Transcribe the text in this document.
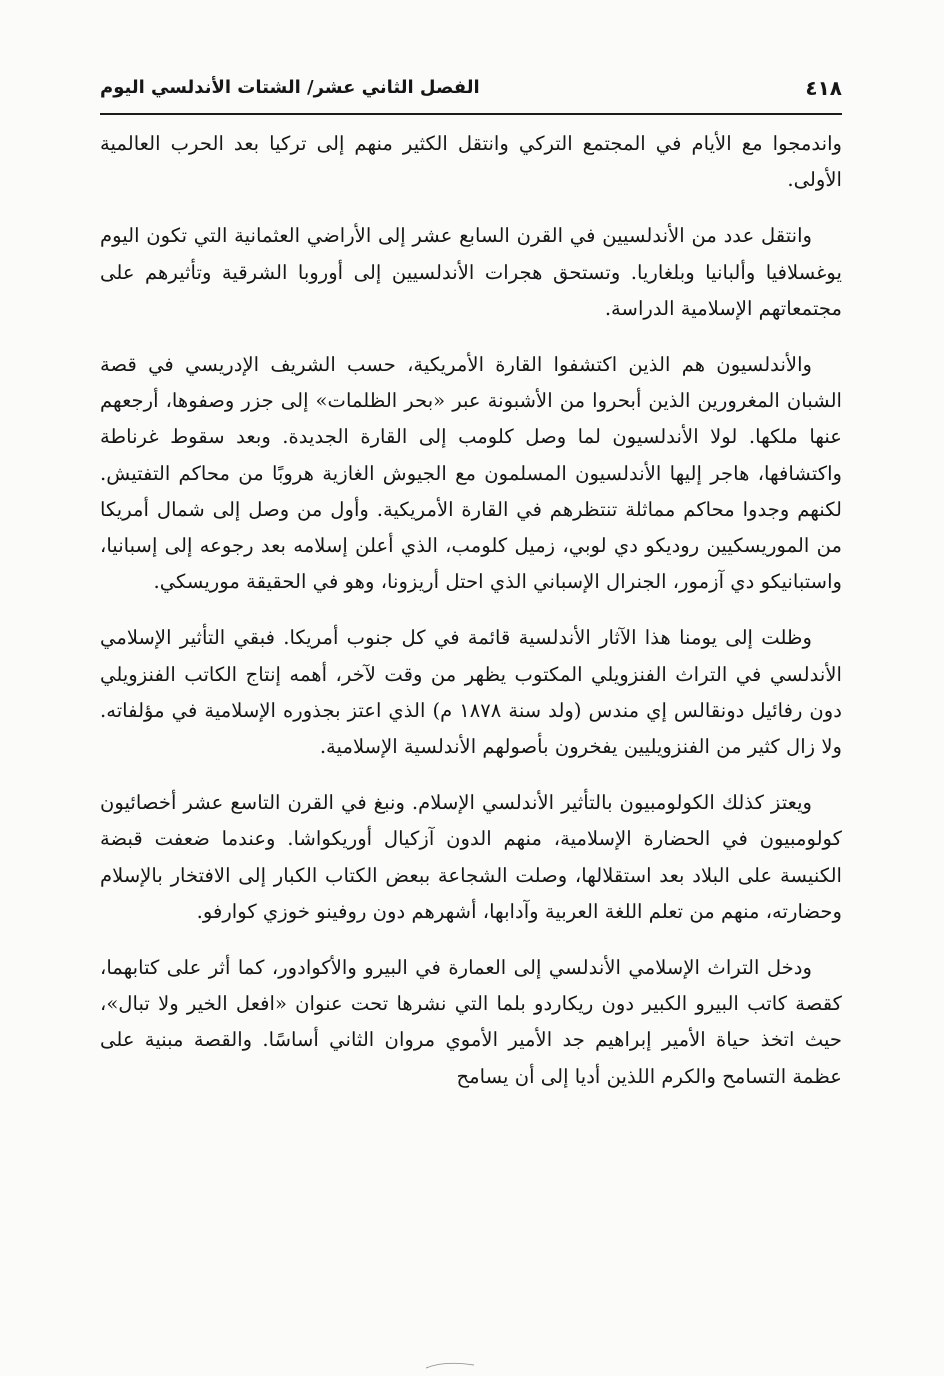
٤١٨
الفصل الثاني عشر/ الشتات الأندلسي اليوم

واندمجوا مع الأيام في المجتمع التركي وانتقل الكثير منهم إلى تركيا بعد الحرب العالمية الأولى.

وانتقل عدد من الأندلسيين في القرن السابع عشر إلى الأراضي العثمانية التي تكون اليوم يوغسلافيا وألبانيا وبلغاريا. وتستحق هجرات الأندلسيين إلى أوروبا الشرقية وتأثيرهم على مجتمعاتهم الإسلامية الدراسة.

والأندلسيون هم الذين اكتشفوا القارة الأمريكية، حسب الشريف الإدريسي في قصة الشبان المغرورين الذين أبحروا من الأشبونة عبر «بحر الظلمات» إلى جزر وصفوها، أرجعهم عنها ملكها. لولا الأندلسيون لما وصل كلومب إلى القارة الجديدة. وبعد سقوط غرناطة واكتشافها، هاجر إليها الأندلسيون المسلمون مع الجيوش الغازية هروبًا من محاكم التفتيش. لكنهم وجدوا محاكم مماثلة تنتظرهم في القارة الأمريكية. وأول من وصل إلى شمال أمريكا من الموريسكيين روديكو دي لوبي، زميل كلومب، الذي أعلن إسلامه بعد رجوعه إلى إسبانيا، واستبانيكو دي آزمور، الجنرال الإسباني الذي احتل أريزونا، وهو في الحقيقة موريسكي.

وظلت إلى يومنا هذا الآثار الأندلسية قائمة في كل جنوب أمريكا. فبقي التأثير الإسلامي الأندلسي في التراث الفنزويلي المكتوب يظهر من وقت لآخر، أهمه إنتاج الكاتب الفنزويلي دون رفائيل دونقالس إي مندس (ولد سنة ١٨٧٨ م) الذي اعتز بجذوره الإسلامية في مؤلفاته. ولا زال كثير من الفنزويليين يفخرون بأصولهم الأندلسية الإسلامية.

ويعتز كذلك الكولومبيون بالتأثير الأندلسي الإسلام. ونبغ في القرن التاسع عشر أخصائيون كولومبيون في الحضارة الإسلامية، منهم الدون آزكيال أوريكواشا. وعندما ضعفت قبضة الكنيسة على البلاد بعد استقلالها، وصلت الشجاعة ببعض الكتاب الكبار إلى الافتخار بالإسلام وحضارته، منهم من تعلم اللغة العربية وآدابها، أشهرهم دون روفينو خوزي كوارفو.

ودخل التراث الإسلامي الأندلسي إلى العمارة في البيرو والأكوادور، كما أثر على كتابهما، كقصة كاتب البيرو الكبير دون ريكاردو بلما التي نشرها تحت عنوان «افعل الخير ولا تبال»، حيث اتخذ حياة الأمير إبراهيم جد الأمير الأموي مروان الثاني أساسًا. والقصة مبنية على عظمة التسامح والكرم اللذين أديا إلى أن يسامح
